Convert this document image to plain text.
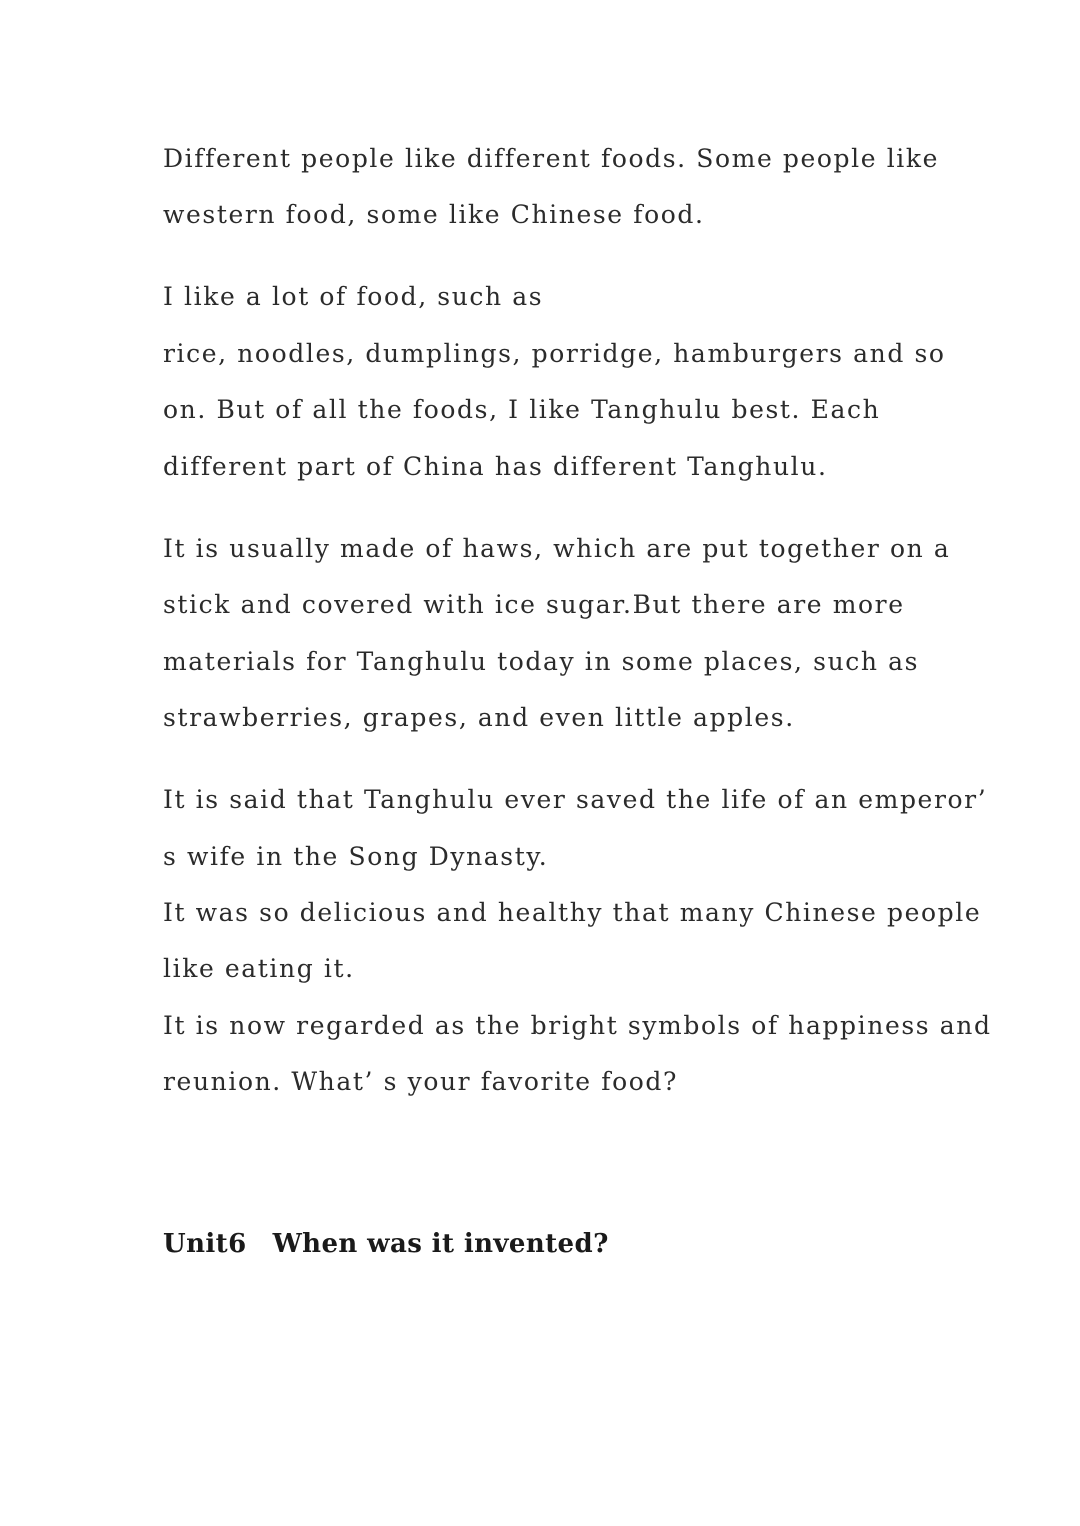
Different people like different foods. Some people like

western food, some like Chinese food.

I like a lot of food, such as

rice, noodles, dumplings, porridge, hamburgers and so

on. But of all the foods, I like Tanghulu best. Each

different part of China has different Tanghulu.

It is usually made of haws, which are put together on a

stick and covered with ice sugar.But there are more

materials for Tanghulu today in some places, such as

strawberries, grapes, and even little apples.

It is said that Tanghulu ever saved the life of an emperor’

s wife in the Song Dynasty.

It was so delicious and healthy that many Chinese people

like eating it.

It is now regarded as the bright symbols of happiness and

reunion. What’ s your favorite food?

Unit6 When was it invented?
